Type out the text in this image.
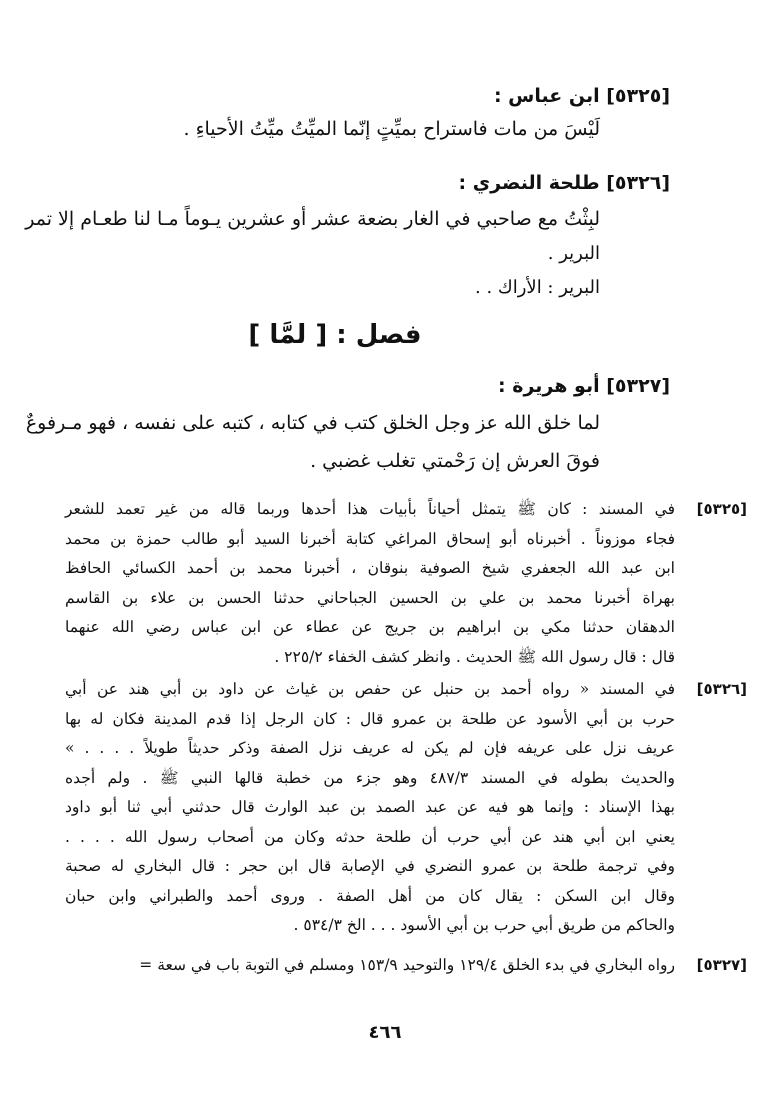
[٥٣٢٥] ابن عباس :
لَيْسَ من مات فاستراح بميِّتٍ إنّما الميِّتُ ميِّتُ الأحياءِ .
[٥٣٢٦] طلحة النضري :
لبِثْتُ مع صاحبي في الغار بضعة عشر أو عشرين يـوماً مـا لنا طعـام إلا تمر
البرير .
البرير : الأراك . .
فصل : [ لمَّا ]
[٥٣٢٧] أبو هريرة :
لما خلق الله عز وجل الخلق كتب في كتابه ، كتبه على نفسه ، فهو مـرفوعٌ
فوقَ العرش إن رَحْمتي تغلب غضبي .
[٥٣٢٥]
في المسند : كان ﷺ يتمثل أحياناً بأبيات هذا أحدها وربما قاله من غير تعمد للشعر
فجاء موزوناً . أخبرناه أبو إسحاق المراغي كتابة أخبرنا السيد أبو طالب حمزة بن محمد
ابن عبد الله الجعفري شيخ الصوفية بنوقان ، أخبرنا محمد بن أحمد الكسائي الحافظ
بهراة أخبرنا محمد بن علي بن الحسين الجباحاني حدثنا الحسن بن علاء بن القاسم
الدهقان حدثنا مكي بن ابراهيم بن جريج عن عطاء عن ابن عباس رضي الله عنهما
قال : قال رسول الله ﷺ الحديث . وانظر كشف الخفاء ٢٢٥/٢ .
[٥٣٢٦]
في المسند « رواه أحمد بن حنبل عن حفص بن غياث عن داود بن أبي هند عن أبي
حرب بن أبي الأسود عن طلحة بن عمرو قال : كان الرجل إذا قدم المدينة فكان له بها
عريف نزل على عريفه فإن لم يكن له عريف نزل الصفة وذكر حديثاً طويلاً . . . . »
والحديث بطوله في المسند ٤٨٧/٣ وهو جزء من خطبة قالها النبي ﷺ . ولم أجده
بهذا الإسناد : وإنما هو فيه عن عبد الصمد بن عبد الوارث قال حدثني أبي ثنا أبو داود
يعني ابن أبي هند عن أبي حرب أن طلحة حدثه وكان من أصحاب رسول الله . . . .
وفي ترجمة طلحة بن عمرو النضري في الإصابة قال ابن حجر : قال البخاري له صحبة
وقال ابن السكن : يقال كان من أهل الصفة . وروى أحمد والطبراني وابن حبان
والحاكم من طريق أبي حرب بن أبي الأسود . . . الخ ٥٣٤/٣ .
[٥٣٢٧]
رواه البخاري في بدء الخلق ١٢٩/٤ والتوحيد ١٥٣/٩ ومسلم في التوبة باب في سعة =
٤٦٦
